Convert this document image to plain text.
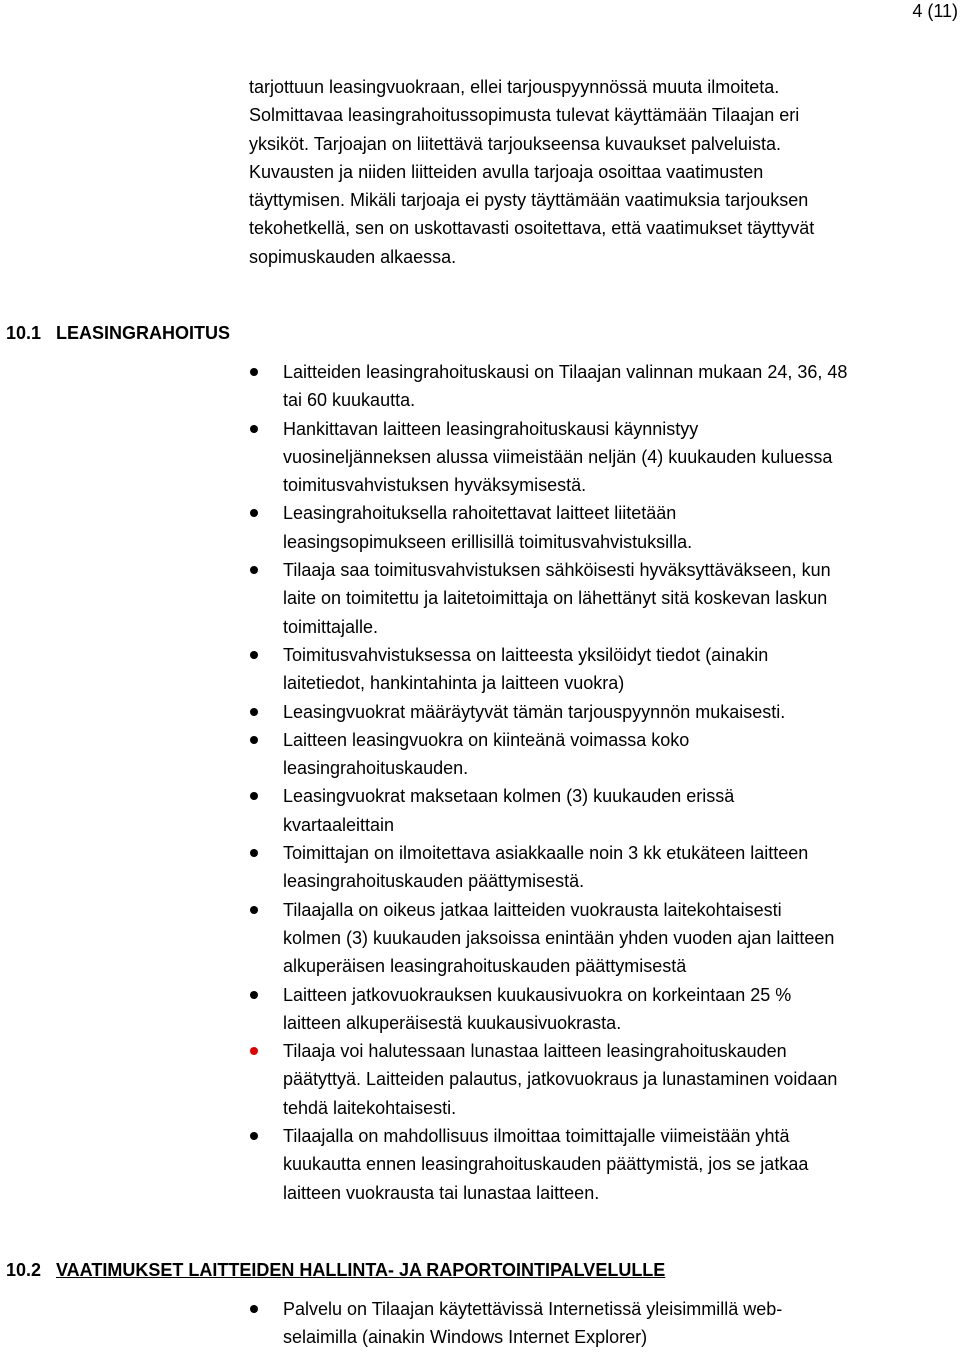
4 (11)
tarjottuun leasingvuokraan, ellei tarjouspyynnössä muuta ilmoiteta.
Solmittavaa leasingrahoitussopimusta tulevat käyttämään Tilaajan eri
yksiköt. Tarjoajan on liitettävä tarjoukseensa kuvaukset palveluista.
Kuvausten ja niiden liitteiden avulla tarjoaja osoittaa vaatimusten
täyttymisen. Mikäli tarjoaja ei pysty täyttämään vaatimuksia tarjouksen
tekohetkellä, sen on uskottavasti osoitettava, että vaatimukset täyttyvät
sopimuskauden alkaessa.
10.1 LEASINGRAHOITUS
Laitteiden leasingrahoituskausi on Tilaajan valinnan mukaan 24, 36, 48
tai 60 kuukautta.
Hankittavan laitteen leasingrahoituskausi käynnistyy
vuosineljänneksen alussa viimeistään neljän (4) kuukauden kuluessa
toimitusvahvistuksen hyväksymisestä.
Leasingrahoituksella rahoitettavat laitteet liitetään
leasingsopimukseen erillisillä toimitusvahvistuksilla.
Tilaaja saa toimitusvahvistuksen sähköisesti hyväksyttäväkseen, kun
laite on toimitettu ja laitetoimittaja on lähettänyt sitä koskevan laskun
toimittajalle.
Toimitusvahvistuksessa on laitteesta yksilöidyt tiedot (ainakin
laitetiedot, hankintahinta ja laitteen vuokra)
Leasingvuokrat määräytyvät tämän tarjouspyynnön mukaisesti.
Laitteen leasingvuokra on kiinteänä voimassa koko
leasingrahoituskauden.
Leasingvuokrat maksetaan kolmen (3) kuukauden erissä
kvartaaleittain
Toimittajan on ilmoitettava asiakkaalle noin 3 kk etukäteen laitteen
leasingrahoituskauden päättymisestä.
Tilaajalla on oikeus jatkaa laitteiden vuokrausta laitekohtaisesti
kolmen (3) kuukauden jaksoissa enintään yhden vuoden ajan laitteen
alkuperäisen leasingrahoituskauden päättymisestä
Laitteen jatkovuokrauksen kuukausivuokra on korkeintaan 25 %
laitteen alkuperäisestä kuukausivuokrasta.
Tilaaja voi halutessaan lunastaa laitteen leasingrahoituskauden
päätyttyä. Laitteiden palautus, jatkovuokraus ja lunastaminen voidaan
tehdä laitekohtaisesti.
Tilaajalla on mahdollisuus ilmoittaa toimittajalle viimeistään yhtä
kuukautta ennen leasingrahoituskauden päättymistä, jos se jatkaa
laitteen vuokrausta tai lunastaa laitteen.
10.2 VAATIMUKSET LAITTEIDEN HALLINTA- JA RAPORTOINTIPALVELULLE
Palvelu on Tilaajan käytettävissä Internetissä yleisimmillä web-
selaimilla (ainakin Windows Internet Explorer)
